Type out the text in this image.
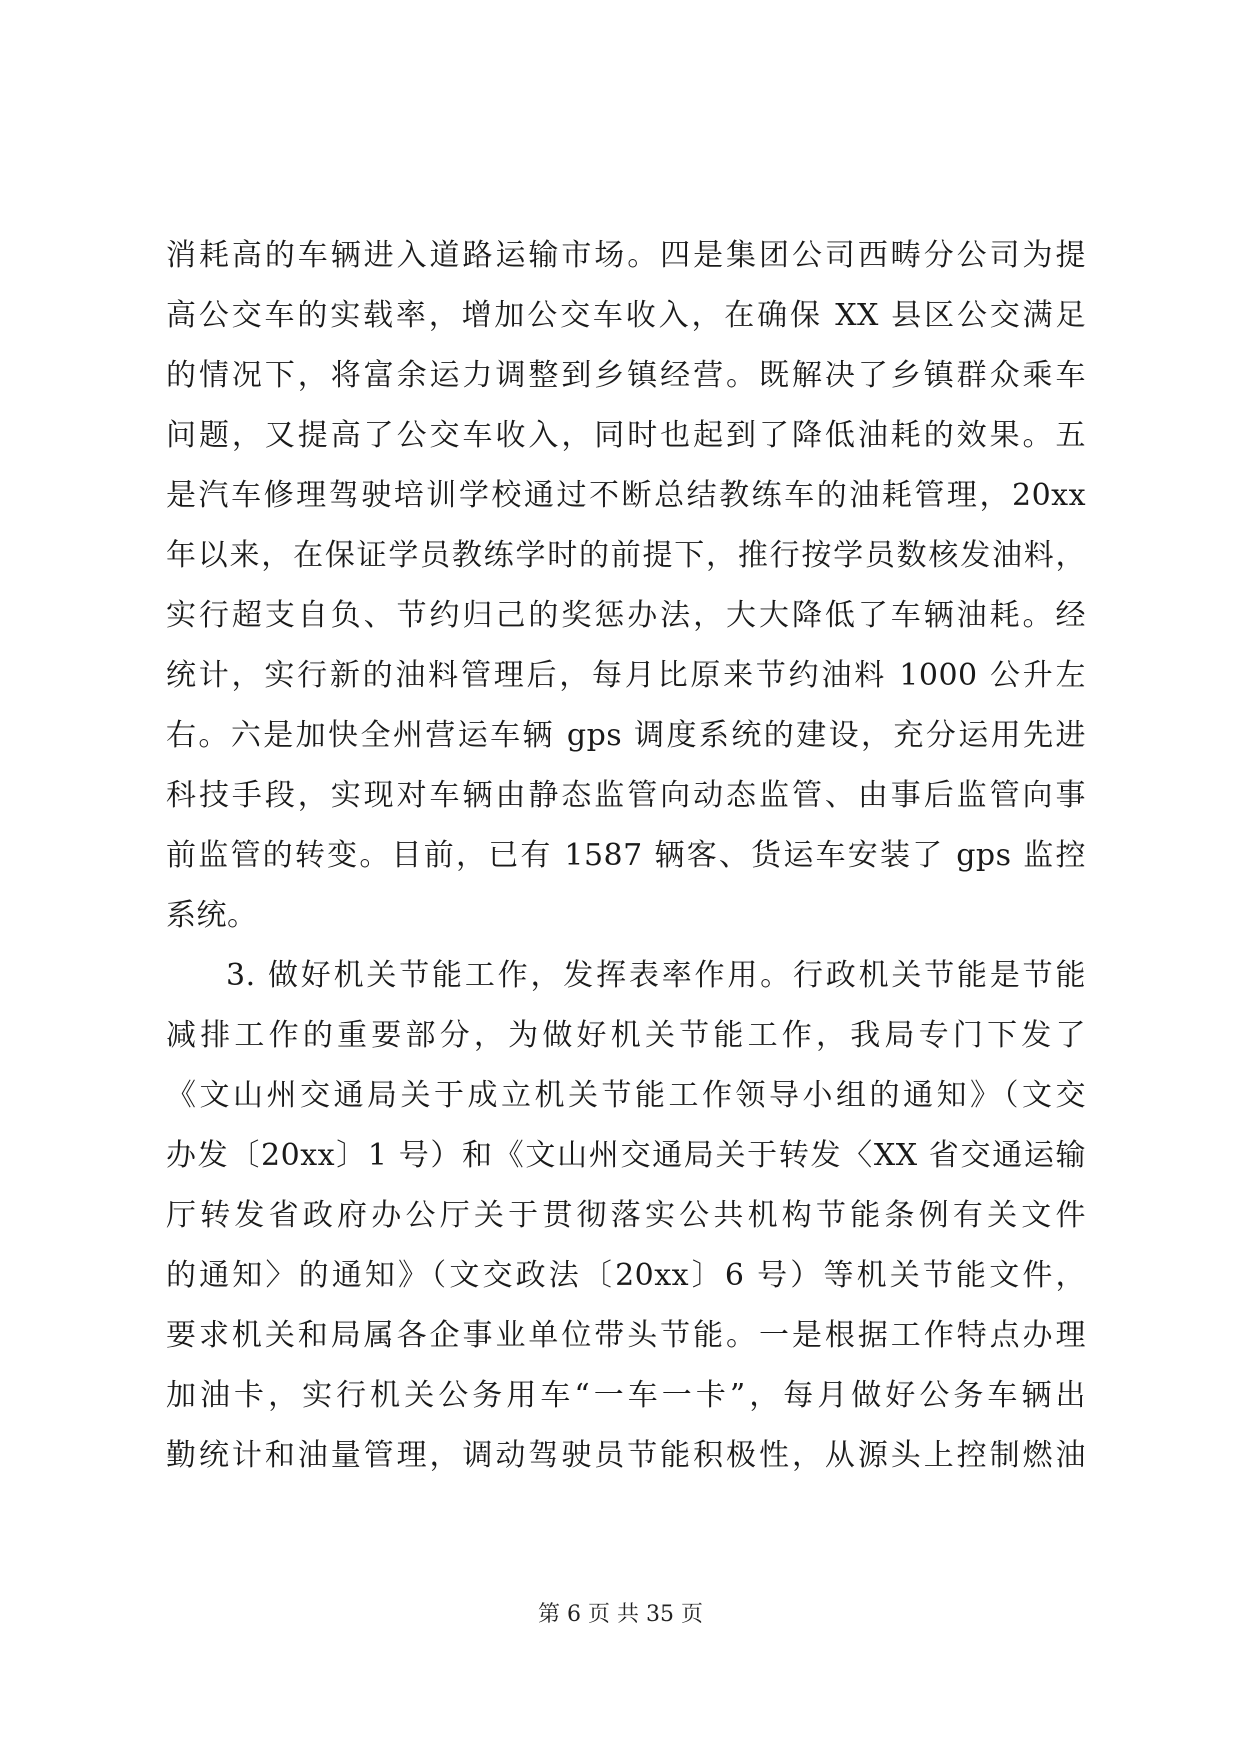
消耗高的车辆进入道路运输市场。四是集团公司西畴分公司为提
高公交车的实载率，增加公交车收入，在确保 XX 县区公交满足
的情况下，将富余运力调整到乡镇经营。既解决了乡镇群众乘车
问题，又提高了公交车收入，同时也起到了降低油耗的效果。五
是汽车修理驾驶培训学校通过不断总结教练车的油耗管理，20xx
年以来，在保证学员教练学时的前提下，推行按学员数核发油料，
实行超支自负、节约归己的奖惩办法，大大降低了车辆油耗。经
统计，实行新的油料管理后，每月比原来节约油料 1000 公升左
右。六是加快全州营运车辆 gps 调度系统的建设，充分运用先进
科技手段，实现对车辆由静态监管向动态监管、由事后监管向事
前监管的转变。目前，已有 1587 辆客、货运车安装了 gps 监控
系统。
3. 做好机关节能工作，发挥表率作用。行政机关节能是节能
减排工作的重要部分，为做好机关节能工作，我局专门下发了
《文山州交通局关于成立机关节能工作领导小组的通知》（文交
办发〔20xx〕1 号）和《文山州交通局关于转发〈XX 省交通运输
厅转发省政府办公厅关于贯彻落实公共机构节能条例有关文件
的通知〉的通知》（文交政法〔20xx〕6 号）等机关节能文件，
要求机关和局属各企事业单位带头节能。一是根据工作特点办理
加油卡，实行机关公务用车“一车一卡”，每月做好公务车辆出
勤统计和油量管理，调动驾驶员节能积极性，从源头上控制燃油
第 6 页 共 35 页
